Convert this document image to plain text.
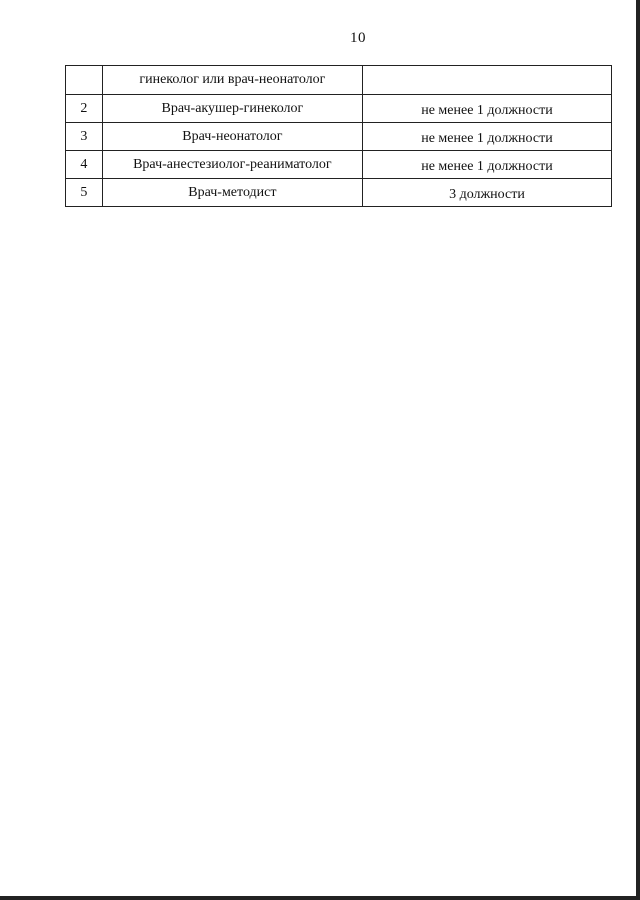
10
	гинеколог или врач-неонатолог	
2	Врач-акушер-гинеколог	не менее 1 должности
3	Врач-неонатолог	не менее 1 должности
4	Врач-анестезиолог-реаниматолог	не менее 1 должности
5	Врач-методист	3 должности
